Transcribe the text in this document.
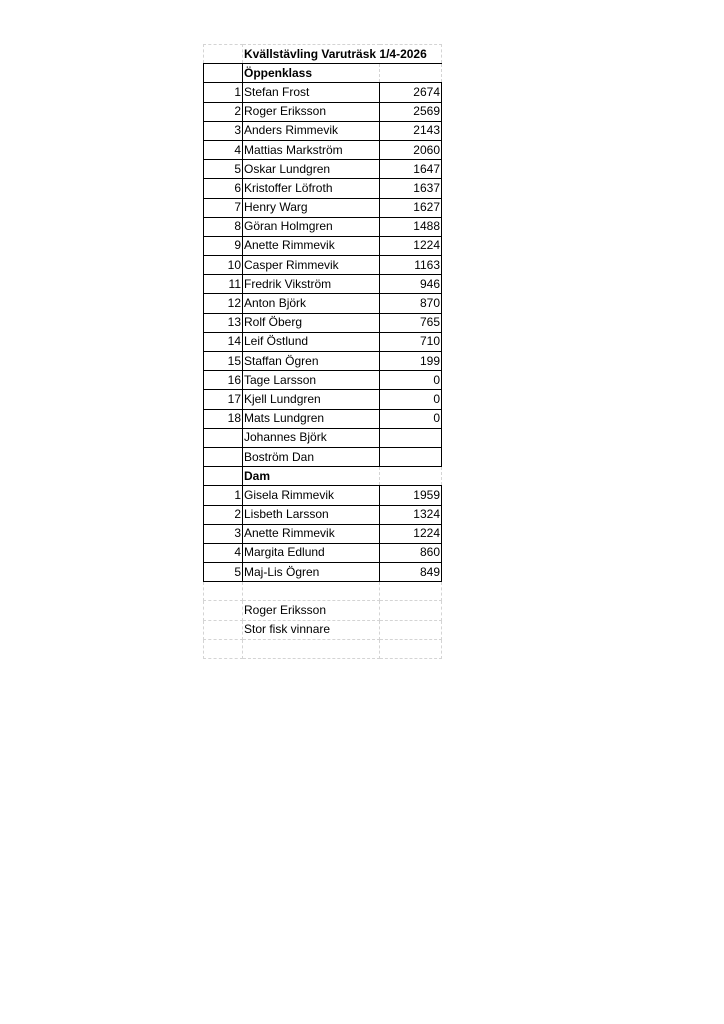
	Kvällstävling Varuträsk 1/4-2026	
	Öppenklass	
1	Stefan Frost	2674
2	Roger Eriksson	2569
3	Anders Rimmevik	2143
4	Mattias Markström	2060
5	Oskar Lundgren	1647
6	Kristoffer Löfroth	1637
7	Henry Warg	1627
8	Göran Holmgren	1488
9	Anette Rimmevik	1224
10	Casper Rimmevik	1163
11	Fredrik Vikström	946
12	Anton Björk	870
13	Rolf Öberg	765
14	Leif Östlund	710
15	Staffan Ögren	199
16	Tage Larsson	0
17	Kjell Lundgren	0
18	Mats Lundgren	0
	Johannes Björk	
	Boström Dan	
	Dam	
1	Gisela Rimmevik	1959
2	Lisbeth Larsson	1324
3	Anette Rimmevik	1224
4	Margita Edlund	860
5	Maj-Lis Ögren	849

	Roger Eriksson	
	Stor fisk vinnare	
